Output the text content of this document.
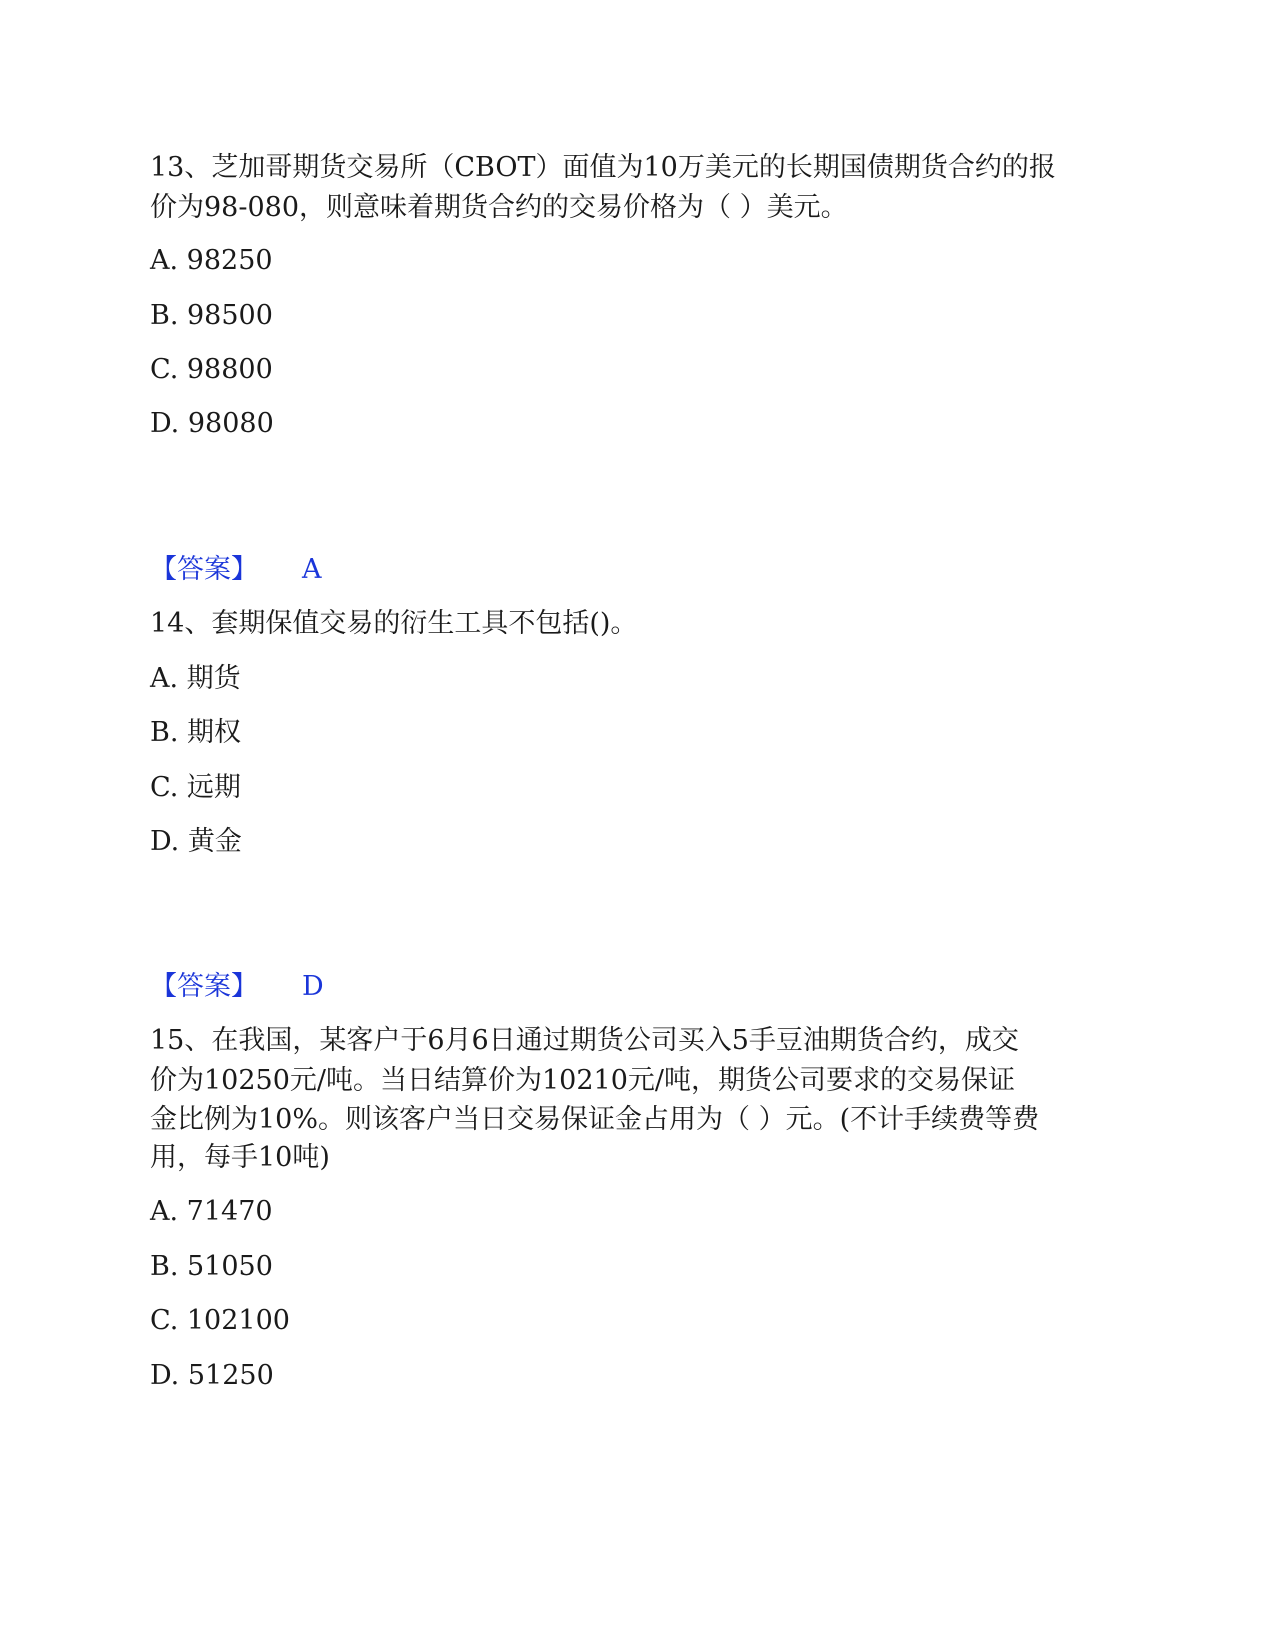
13、芝加哥期货交易所（CBOT）面值为10万美元的长期国债期货合约的报
价为98-080，则意味着期货合约的交易价格为（ ）美元。
A. 98250
B. 98500
C. 98800
D. 98080
【答案】 A
14、套期保值交易的衍生工具不包括()。
A. 期货
B. 期权
C. 远期
D. 黄金
【答案】 D
15、在我国，某客户于6月6日通过期货公司买入5手豆油期货合约，成交
价为10250元/吨。当日结算价为10210元/吨，期货公司要求的交易保证
金比例为10%。则该客户当日交易保证金占用为（ ）元。(不计手续费等费
用，每手10吨)
A. 71470
B. 51050
C. 102100
D. 51250
